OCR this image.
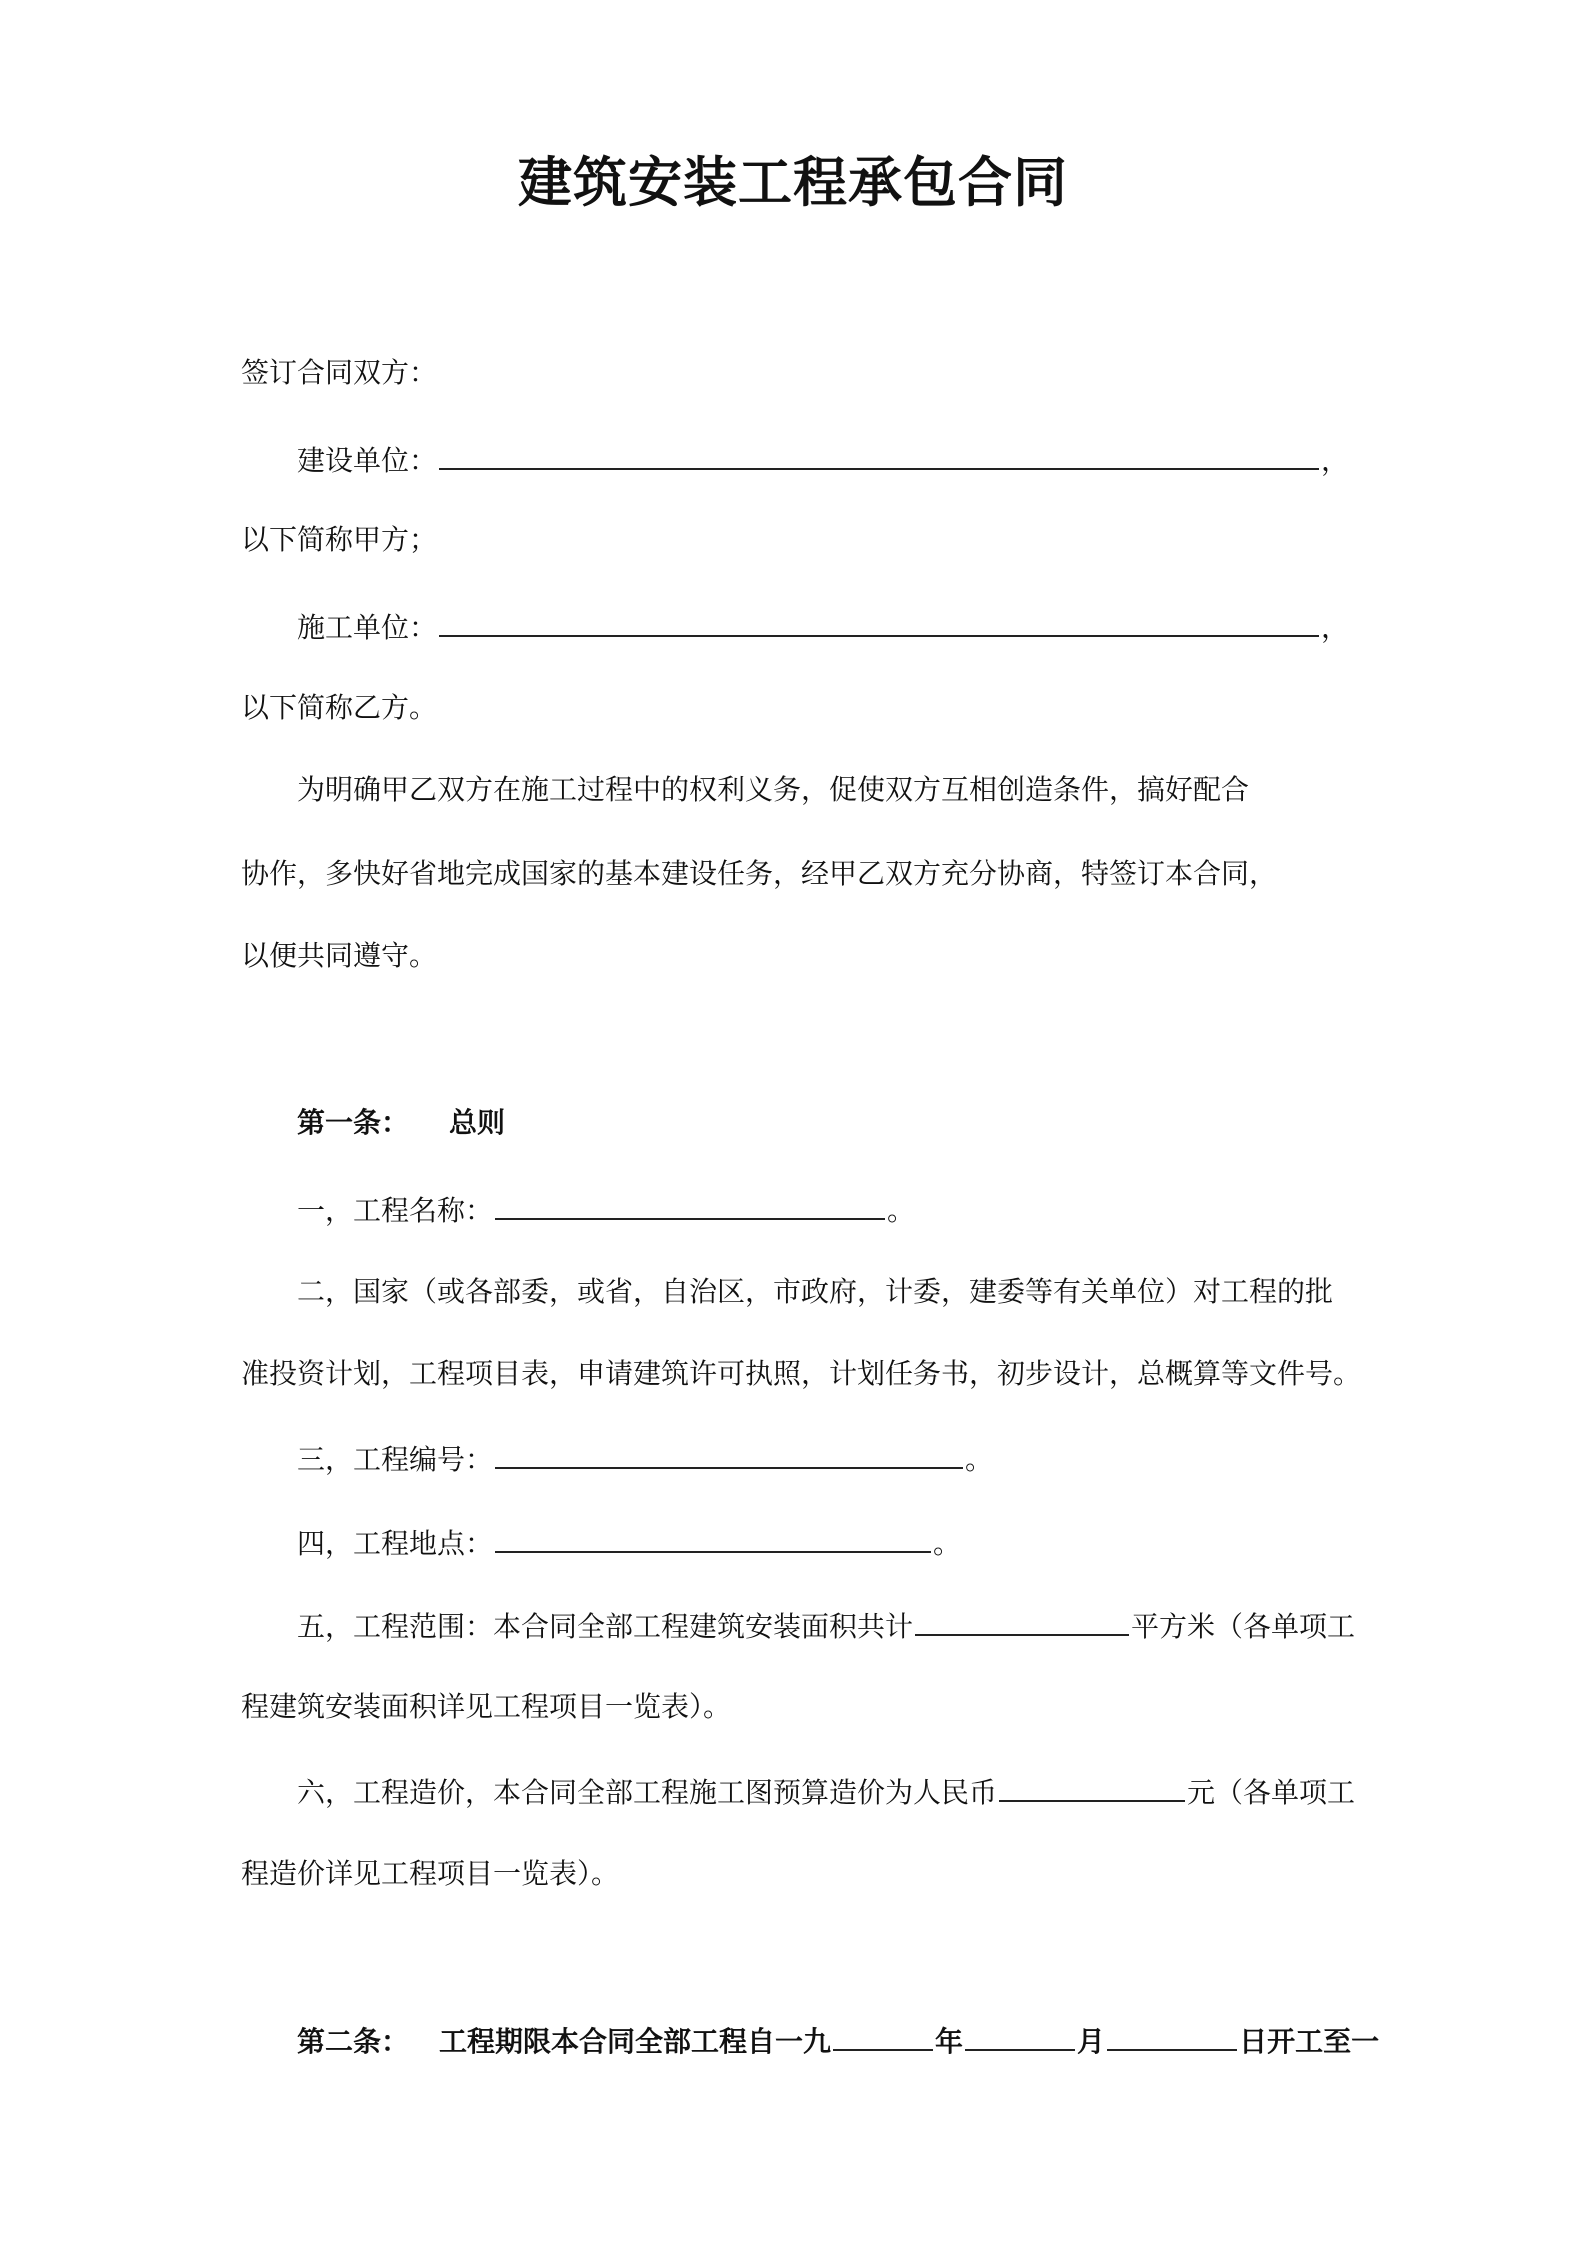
建筑安装工程承包合同
签订合同双方：
建设单位：	，
以下简称甲方；
施工单位：	，
以下简称乙方。
为明确甲乙双方在施工过程中的权利义务，促使双方互相创造条件，搞好配合
协作，多快好省地完成国家的基本建设任务，经甲乙双方充分协商，特签订本合同，
以便共同遵守。
第一条： 总则
一，工程名称：	。
二，国家（或各部委，或省，自治区，市政府，计委，建委等有关单位）对工程的批
准投资计划，工程项目表，申请建筑许可执照，计划任务书，初步设计，总概算等文件号。
三，工程编号：	。
四，工程地点：	。
五，工程范围：本合同全部工程建筑安装面积共计	平方米（各单项工
程建筑安装面积详见工程项目一览表）。
六，工程造价，本合同全部工程施工图预算造价为人民币	元（各单项工
程造价详见工程项目一览表）。
第二条： 工程期限本合同全部工程自一九	年	月	日开工至一
